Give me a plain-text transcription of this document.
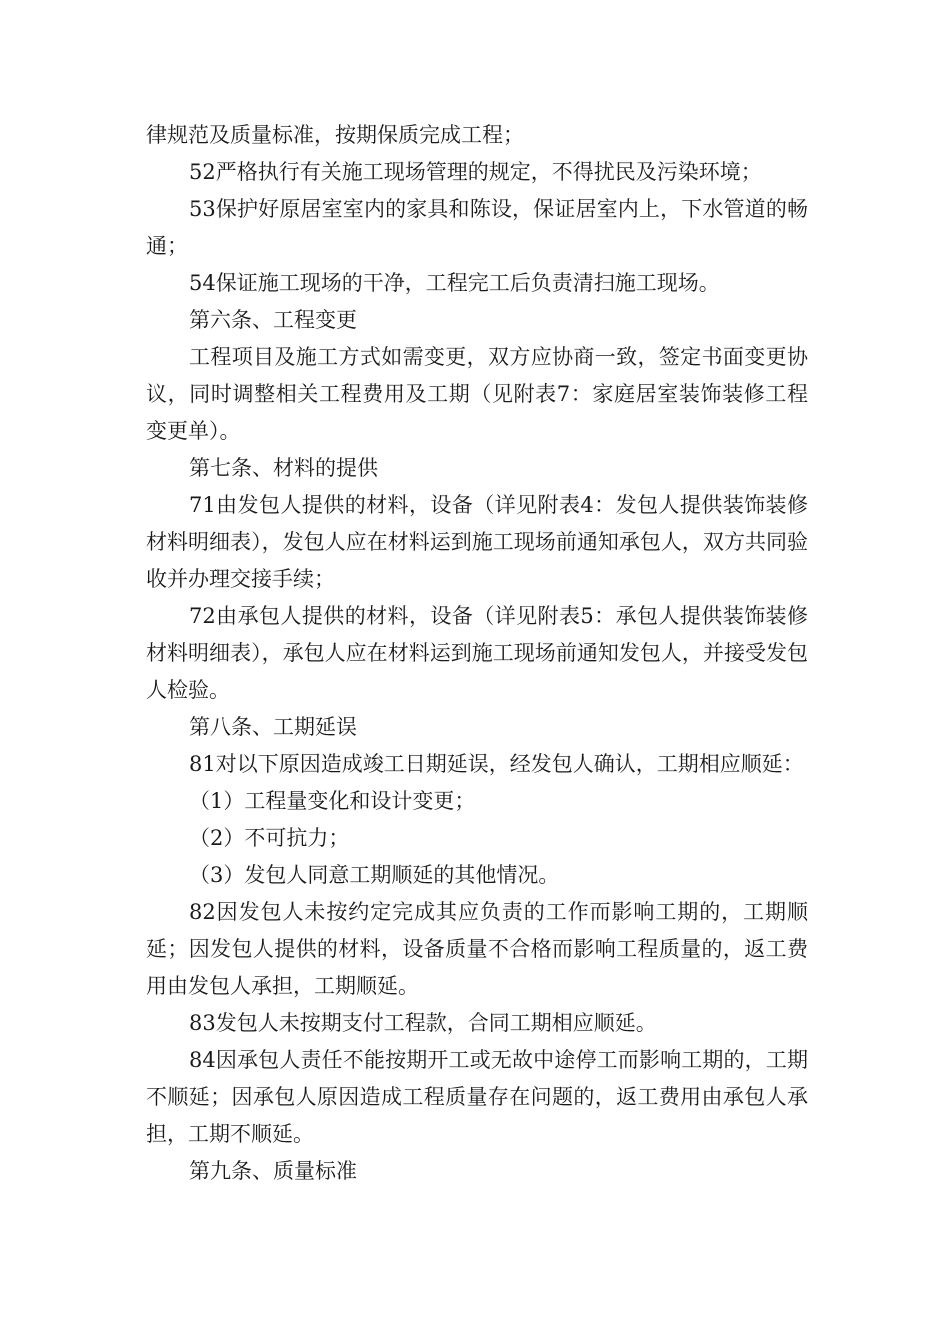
律规范及质量标准，按期保质完成工程；

52严格执行有关施工现场管理的规定，不得扰民及污染环境；

53保护好原居室室内的家具和陈设，保证居室内上，下水管道的畅通；

54保证施工现场的干净，工程完工后负责清扫施工现场。

第六条、工程变更

工程项目及施工方式如需变更，双方应协商一致，签定书面变更协议，同时调整相关工程费用及工期（见附表7：家庭居室装饰装修工程变更单）。

第七条、材料的提供

71由发包人提供的材料，设备（详见附表4：发包人提供装饰装修材料明细表），发包人应在材料运到施工现场前通知承包人，双方共同验收并办理交接手续；

72由承包人提供的材料，设备（详见附表5：承包人提供装饰装修材料明细表），承包人应在材料运到施工现场前通知发包人，并接受发包人检验。

第八条、工期延误

81对以下原因造成竣工日期延误，经发包人确认，工期相应顺延：

（1）工程量变化和设计变更；

（2）不可抗力；

（3）发包人同意工期顺延的其他情况。

82因发包人未按约定完成其应负责的工作而影响工期的，工期顺延；因发包人提供的材料，设备质量不合格而影响工程质量的，返工费用由发包人承担，工期顺延。

83发包人未按期支付工程款，合同工期相应顺延。

84因承包人责任不能按期开工或无故中途停工而影响工期的，工期不顺延；因承包人原因造成工程质量存在问题的，返工费用由承包人承担，工期不顺延。

第九条、质量标准
